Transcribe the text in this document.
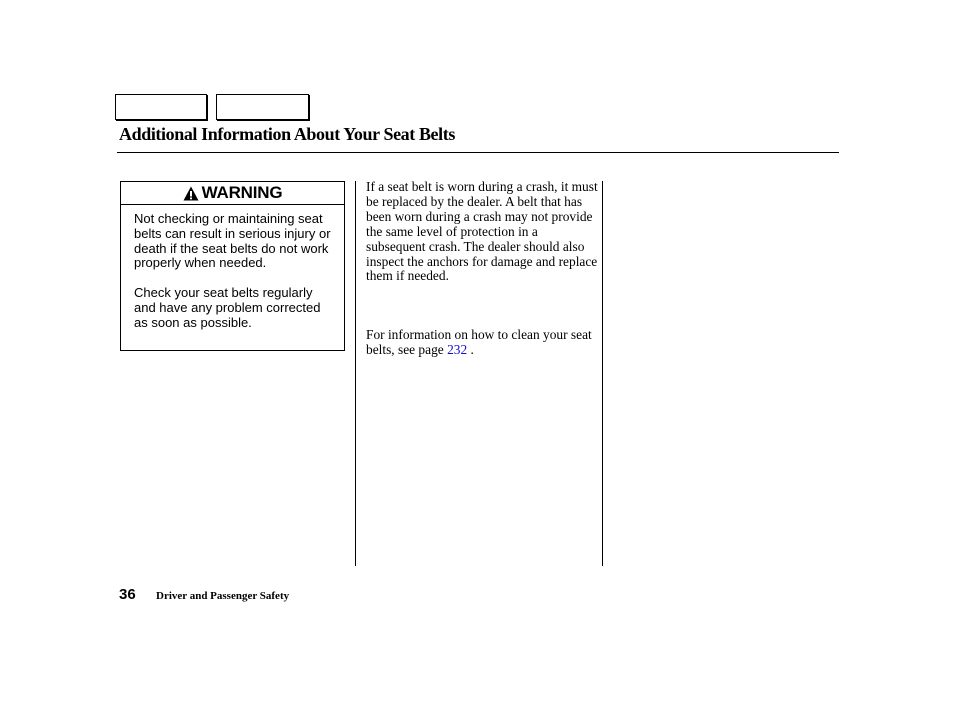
Additional Information About Your Seat Belts
WARNING

Not checking or maintaining seat belts can result in serious injury or death if the seat belts do not work properly when needed.

Check your seat belts regularly and have any problem corrected as soon as possible.

If a seat belt is worn during a crash, it must be replaced by the dealer. A belt that has been worn during a crash may not provide the same level of protection in a subsequent crash. The dealer should also inspect the anchors for damage and replace them if needed.

For information on how to clean your seat belts, see page 232 .

36 Driver and Passenger Safety
